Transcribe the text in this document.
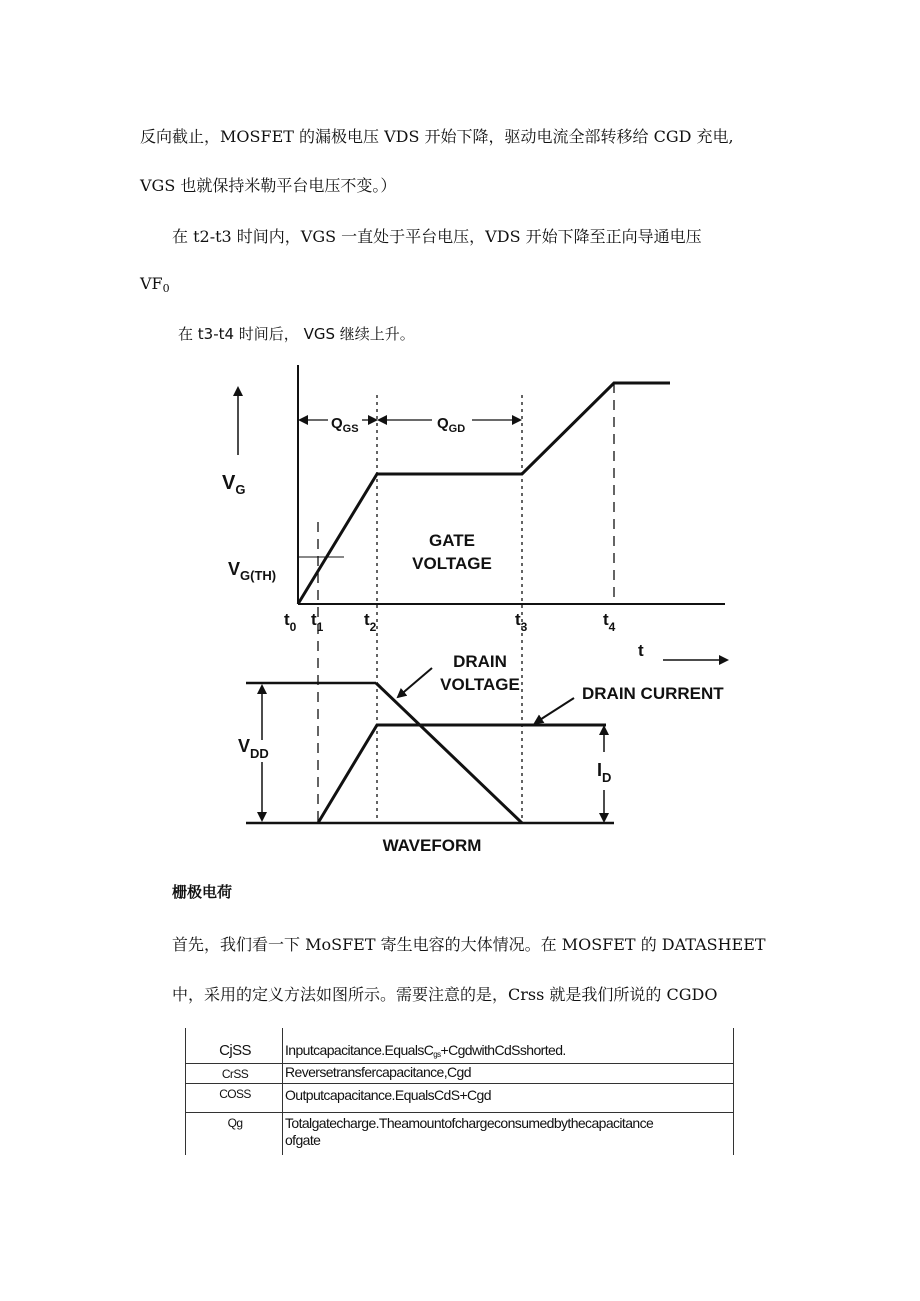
反向截止，MOSFET 的漏极电压 VDS 开始下降，驱动电流全部转移给 CGD 充电,
VGS 也就保持米勒平台电压不变。）
在 t2-t3 时间内，VGS 一直处于平台电压，VDS 开始下降至正向导通电压
$VF_0$
在 t3-t4 时间后， VGS 继续上升。
$V_G$
$V_{G(TH)}$
$Q_{GS}$	$Q_{GD}$
GATE
VOLTAGE
$t_0$ $t_1$ $t_2$	$t_3$	$t_4$
t
DRAIN
VOLTAGE	DRAIN CURRENT
$V_{DD}$
$I_D$
WAVEFORM
栅极电荷
首先，我们看一下 MoSFET 寄生电容的大体情况。在 MOSFET 的 DATASHEET
中，采用的定义方法如图所示。需要注意的是，Crss 就是我们所说的 CGDO
CjSS	Inputcapacitance.EqualsC$_{gs}$+CgdwithCdSshorted.
CrSS	Reversetransfercapacitance,Cgd
COSS	Outputcapacitance.EqualsCdS+Cgd
Qg	Totalgatecharge.Theamountofchargeconsumedbythecapacitance
ofgate
